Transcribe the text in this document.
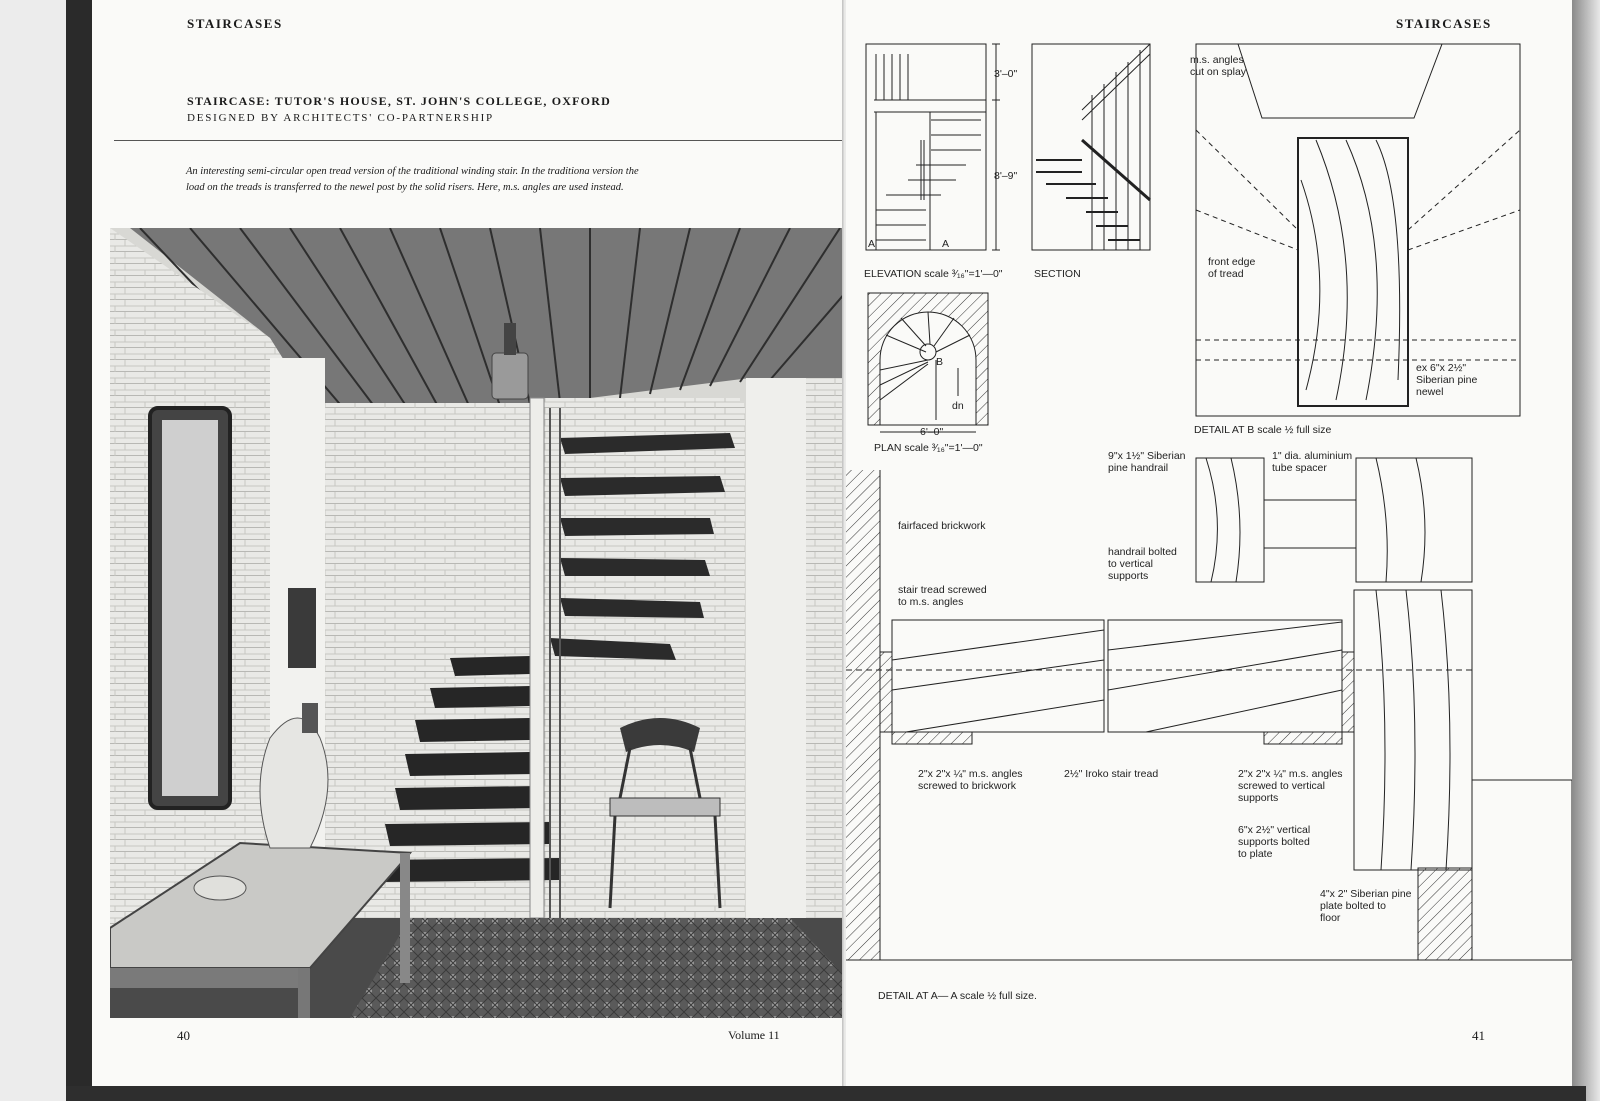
STAIRCASES
STAIRCASE: TUTOR'S HOUSE, ST. JOHN'S COLLEGE, OXFORD
DESIGNED BY ARCHITECTS' CO-PARTNERSHIP
An interesting semi-circular open tread version of the traditional winding stair. In the traditiona version the load on the treads is transferred to the newel post by the solid risers. Here, m.s. angles are used instead.
40	Volume 11
STAIRCASES
ELEVATION scale ³⁄₁₆"=1'—0"
3'–0"
8'–9"
A	A
SECTION
PLAN scale ³⁄₁₆"=1'—0"
6'–0"
B
dn
DETAIL AT B scale ½ full size
m.s. angles
cut on splay
front edge
of tread
ex 6"x 2½"
Siberian pine
newel
DETAIL AT A— A scale ½ full size.
9"x 1½" Siberian
pine handrail
1" dia. aluminium
tube spacer
fairfaced brickwork
handrail bolted
to vertical
supports
stair tread screwed
to m.s. angles
2"x 2"x ¼" m.s. angles
screwed to brickwork
2½" Iroko stair tread	2"x 2"x ¼" m.s. angles
screwed to vertical
supports
6"x 2½" vertical
supports bolted
to plate
4"x 2" Siberian pine
plate bolted to
floor
41
